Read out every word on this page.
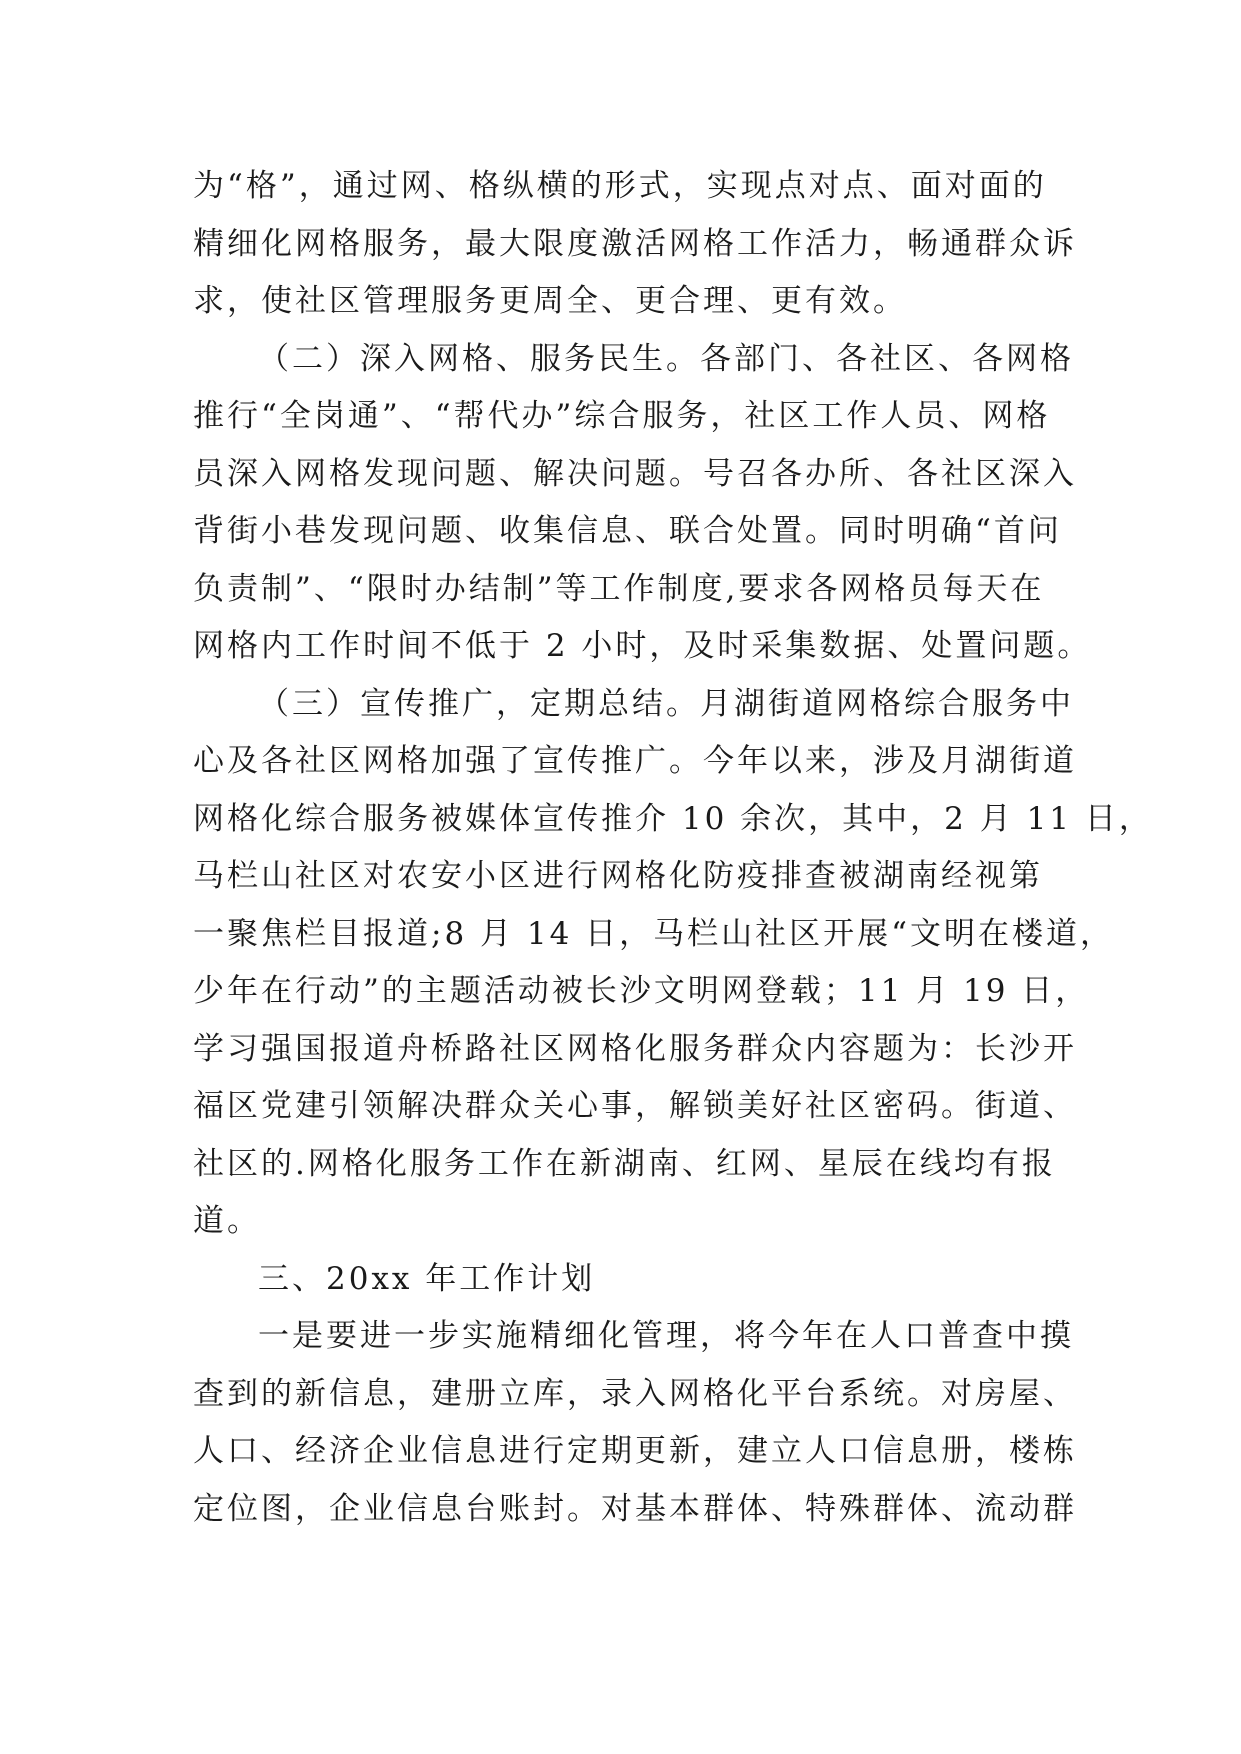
为“格”，通过网、格纵横的形式，实现点对点、面对面的
精细化网格服务，最大限度激活网格工作活力，畅通群众诉
求，使社区管理服务更周全、更合理、更有效。
（二）深入网格、服务民生。各部门、各社区、各网格
推行“全岗通”、“帮代办”综合服务，社区工作人员、网格
员深入网格发现问题、解决问题。号召各办所、各社区深入
背街小巷发现问题、收集信息、联合处置。同时明确“首问
负责制”、“限时办结制”等工作制度,要求各网格员每天在
网格内工作时间不低于 2 小时，及时采集数据、处置问题。
（三）宣传推广，定期总结。月湖街道网格综合服务中
心及各社区网格加强了宣传推广。今年以来，涉及月湖街道
网格化综合服务被媒体宣传推介 10 余次，其中，2 月 11 日，
马栏山社区对农安小区进行网格化防疫排查被湖南经视第
一聚焦栏目报道;8 月 14 日，马栏山社区开展“文明在楼道，
少年在行动”的主题活动被长沙文明网登载；11 月 19 日，
学习强国报道舟桥路社区网格化服务群众内容题为：长沙开
福区党建引领解决群众关心事，解锁美好社区密码。街道、
社区的.网格化服务工作在新湖南、红网、星辰在线均有报
道。
三、20xx 年工作计划
一是要进一步实施精细化管理，将今年在人口普查中摸
查到的新信息，建册立库，录入网格化平台系统。对房屋、
人口、经济企业信息进行定期更新，建立人口信息册，楼栋
定位图，企业信息台账封。对基本群体、特殊群体、流动群
